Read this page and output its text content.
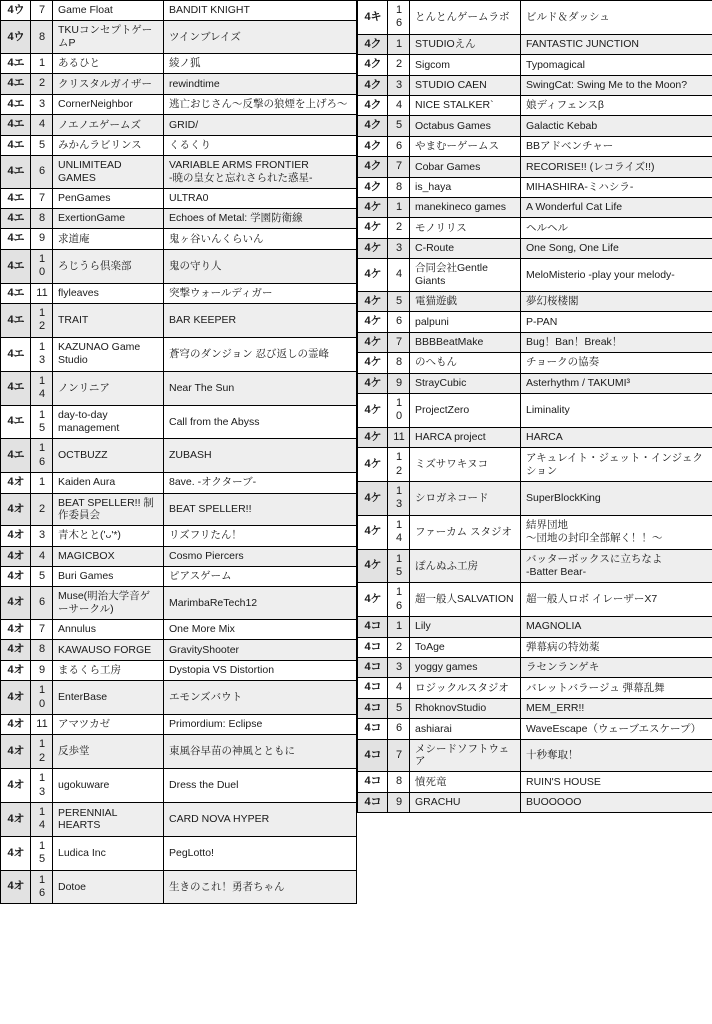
4ウ	7	Game Float	BANDIT KNIGHT
4ウ	8	TKUコンセプトゲームP	ツインブレイズ
4エ	1	あるひと	綾ノ狐
4エ	2	クリスタルガイザー	rewindtime
4エ	3	CornerNeighbor	逃亡おじさん〜反撃の狼煙を上げろ〜
4エ	4	ノエノエゲームズ	GRID/
4エ	5	みかんラビリンス	くるくり
4エ	6	UNLIMITEAD GAMES	VARIABLE ARMS FRONTIER
-暁の皇女と忘れさられた惑星-
4エ	7	PenGames	ULTRA0
4エ	8	ExertionGame	Echoes of Metal: 学園防衛線
4エ	9	求道庵	鬼ヶ谷いんくらいん
4エ	10	ろじうら倶楽部	鬼の守り人
4エ	11	flyleaves	突撃ウォールディガー
4エ	12	TRAIT	BAR KEEPER
4エ	13	KAZUNAO Game Studio	蒼穹のダンジョン 忍び返しの霊峰
4エ	14	ノンリニア	Near The Sun
4エ	15	day-to-day management	Call from the Abyss
4エ	16	OCTBUZZ	ZUBASH
4オ	1	Kaiden Aura	8ave. -オクターブ-
4オ	2	BEAT SPELLER!! 制作委員会	BEAT SPELLER!!
4オ	3	青木とと('ᴗ'*)	リズフリたん！
4オ	4	MAGICBOX	Cosmo Piercers
4オ	5	Buri Games	ピアスゲーム
4オ	6	Muse(明治大学音ゲーサークル)	MarimbaReTech12
4オ	7	Annulus	One More Mix
4オ	8	KAWAUSO FORGE	GravityShooter
4オ	9	まるくら工房	Dystopia VS Distortion
4オ	10	EnterBase	エモンズバウト
4オ	11	アマツカゼ	Primordium: Eclipse
4オ	12	反歩堂	東風谷早苗の神風とともに
4オ	13	ugokuware	Dress the Duel
4オ	14	PERENNIAL HEARTS	CARD NOVA HYPER
4オ	15	Ludica Inc	PegLotto!
4オ	16	Dotoe	生きのこれ！勇者ちゃん
4キ	16	とんとんゲームラボ	ビルド＆ダッシュ
4ク	1	STUDIOえん	FANTASTIC JUNCTION
4ク	2	Sigcom	Typomagical
4ク	3	STUDIO CAEN	SwingCat: Swing Me to the Moon?
4ク	4	NICE STALKER`	娘ディフェンスβ
4ク	5	Octabus Games	Galactic Kebab
4ク	6	やまむーゲームス	BBアドベンチャー
4ク	7	Cobar Games	RECORISE!! (レコライズ!!)
4ク	8	is_haya	MIHASHIRA-ミハシラ-
4ケ	1	manekineco games	A Wonderful Cat Life
4ケ	2	モノリリス	ヘルヘル
4ケ	3	C-Route	One Song, One Life
4ケ	4	合同会社Gentle Giants	MeloMisterio -play your melody-
4ケ	5	電猫遊戯	夢幻桜楼閣
4ケ	6	palpuni	P-PAN
4ケ	7	BBBBeatMake	Bug！Ban！Break！
4ケ	8	のへもん	チョークの協奏
4ケ	9	StrayCubic	Asterhythm / TAKUMI³
4ケ	10	ProjectZero	Liminality
4ケ	11	HARCA project	HARCA
4ケ	12	ミズサワキヌコ	アキュレイト・ジェット・インジェクション
4ケ	13	シロガネコード	SuperBlockKing
4ケ	14	ファーカム スタジオ	結界団地
〜団地の封印全部解く！！〜
4ケ	15	ぽんぬふ工房	バッターボックスに立ちなよ
-Batter Bear-
4ケ	16	超一般人SALVATION	超一般人ロボ イレーザーX7
4コ	1	Lily	MAGNOLIA
4コ	2	ToAge	弾幕病の特効薬
4コ	3	yoggy games	ラセンランゲキ
4コ	4	ロジックルスタジオ	バレットバラージュ 弾幕乱舞
4コ	5	RhoknovStudio	MEM_ERR!!
4コ	6	ashiarai	WaveEscape（ウェーブエスケープ）
4コ	7	メシードソフトウェア	十秒奪取！
4コ	8	憤死竜	RUIN'S HOUSE
4コ	9	GRACHU	BUOOOOO
